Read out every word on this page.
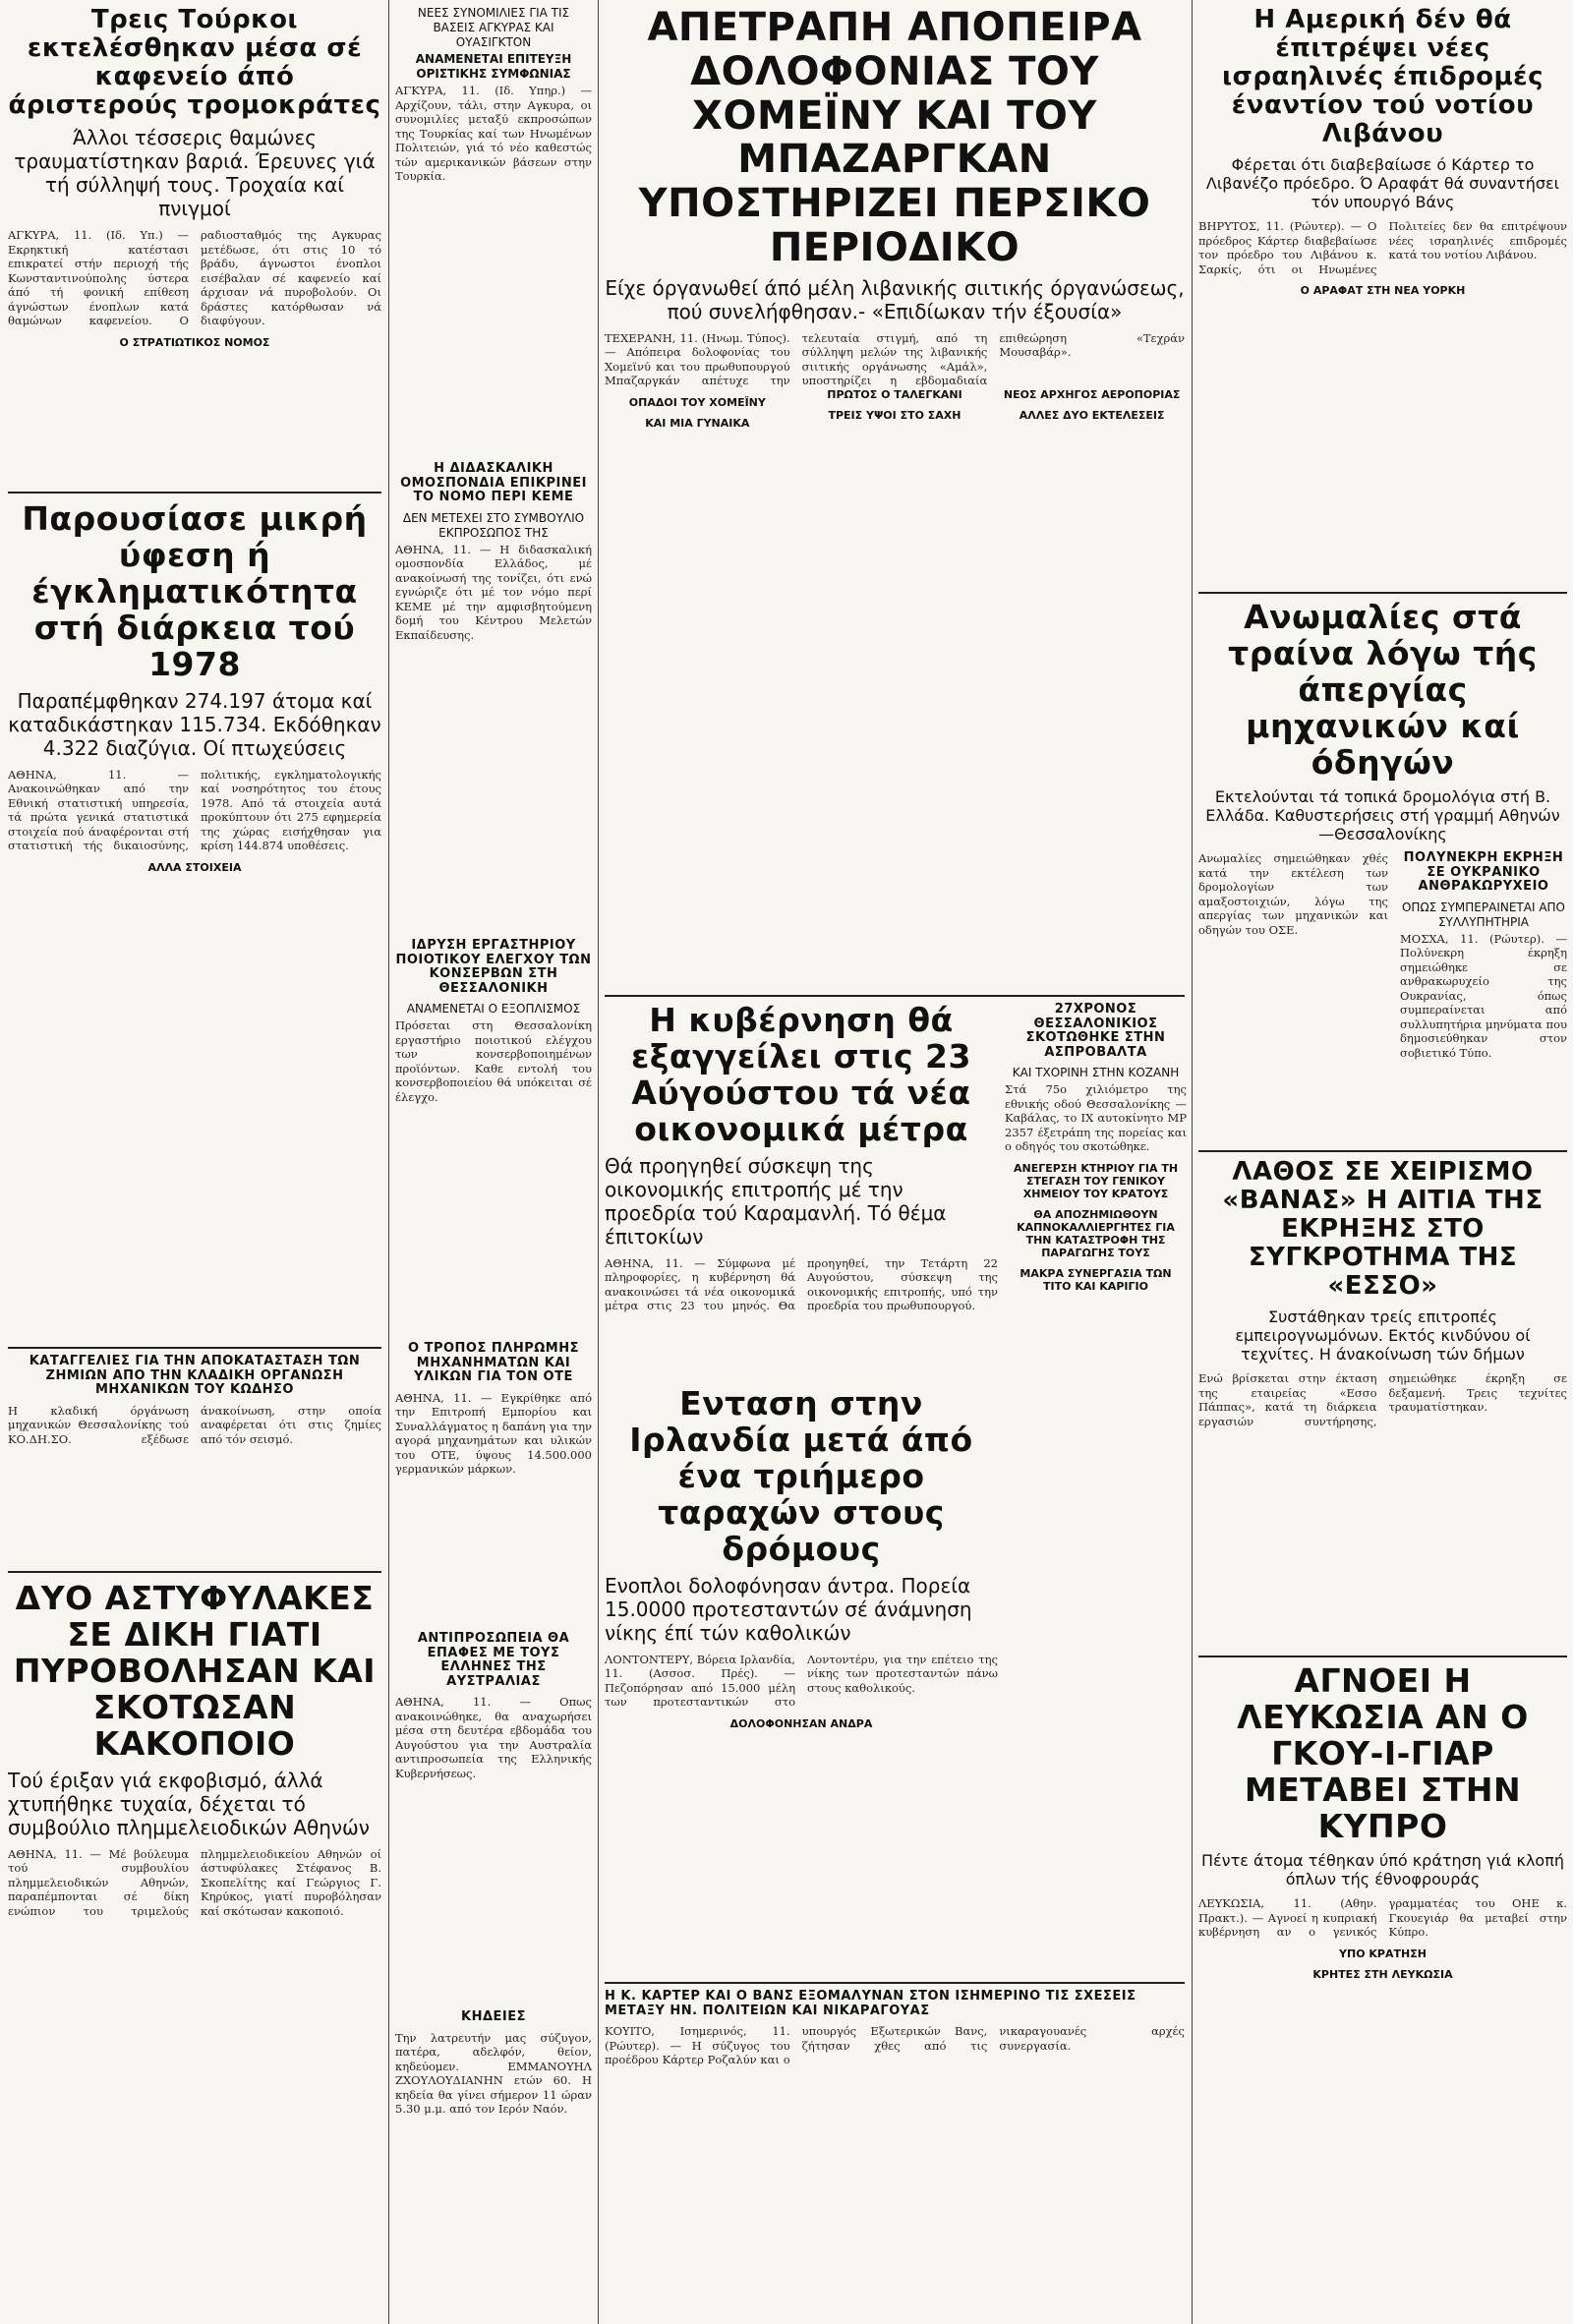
Τρεις Τούρκοι εκτελέσθηκαν μέσα σέ καφενείο άπό άριστερούς τρομοκράτες

Άλλοι τέσσερις θαμώνες τραυματίστηκαν βαριά. Έρευνες γιά τή σύλληψή τους. Τροχαία καί πνιγμοί

ΑΓΚΥΡΑ, 11. (Ιδ. Υπ.) — Εκρηκτική κατέστασι επικρατεί στήν περιοχή τής Κωνσταντινούπολης ύστερα άπό τή φονική επίθεση άγνώστων ένοπλων κατά θαμώνων καφενείου. Ο ραδιοσταθμός της Αγκυρας μετέδωσε, ότι στις 10 τό βράδυ, άγνωστοι ένοπλοι εισέβαλαν σέ καφενείο καί άρχισαν νά πυροβολούν. Οι δράστες κατόρθωσαν νά διαφύγουν.

Ο ΣΤΡΑΤΙΩΤΙΚΟΣ ΝΟΜΟΣ
Παρουσίασε μικρή ύφεση ή έγκληματικότητα στή διάρκεια τού 1978

Παραπέμφθηκαν 274.197 άτομα καί καταδικάστηκαν 115.734. Εκδόθηκαν 4.322 διαζύγια. Οί πτωχεύσεις

ΑΘΗΝΑ, 11. — Ανακοινώθηκαν από την Εθνική στατιστική υπηρεσία, τά πρώτα γενικά στατιστικά στοιχεία πού άναφέρονται στή στατιστική τής δικαιοσύνης, πολιτικής, εγκληματολογικής καί νοσηρότητος του έτους 1978. Από τά στοιχεία αυτά προκύπτουν ότι 275 εφημερεία της χώρας εισήχθησαν για κρίση 144.874 υποθέσεις.

ΑΛΛΑ ΣΤΟΙΧΕΙΑ
ΚΑΤΑΓΓΕΛΙΕΣ ΓΙΑ ΤΗΝ ΑΠΟΚΑΤΑΣΤΑΣΗ ΤΩΝ ΖΗΜΙΩΝ ΑΠΟ ΤΗΝ ΚΛΑΔΙΚΗ ΟΡΓΑΝΩΣΗ ΜΗΧΑΝΙΚΩΝ ΤΟΥ ΚΩΔΗΣΟ

Η κλαδική όργάνωση μηχανικών Θεσσαλονίκης τού ΚΟ.ΔΗ.ΣΟ. εξέδωσε άνακοίνωση, στην οποία αναφέρεται ότι στις ζημίες από τόν σεισμό.

ΔΥΟ ΑΣΤΥΦΥΛΑΚΕΣ ΣΕ ΔΙΚΗ ΓΙΑΤΙ ΠΥΡΟΒΟΛΗΣΑΝ ΚΑΙ ΣΚΟΤΩΣΑΝ ΚΑΚΟΠΟΙΟ

Τού έριξαν γιά εκφοβισμό, άλλά χτυπήθηκε τυχαία, δέχεται τό συμβούλιο πλημμελειοδικών Αθηνών

ΑΘΗΝΑ, 11. — Μέ βούλευμα τού συμβουλίου πλημμελειοδικών Αθηνών, παραπέμπονται σέ δίκη ενώπιον του τριμελούς πλημμελειοδικείου Αθηνών οί άστυφύλακες Στέφανος Β. Σκοπελίτης καί Γεώργιος Γ. Κηρύκος, γιατί πυροβόλησαν καί σκότωσαν κακοποιό.

ΝΕΕΣ ΣΥΝΟΜΙΛΙΕΣ ΓΙΑ ΤΙΣ ΒΑΣΕΙΣ ΑΓΚΥΡΑΣ ΚΑΙ ΟΥΑΣΙΓΚΤΟΝ
ΑΝΑΜΕΝΕΤΑΙ ΕΠΙΤΕΥΞΗ ΟΡΙΣΤΙΚΗΣ ΣΥΜΦΩΝΙΑΣ

ΑΓΚΥΡΑ, 11. (Ιδ. Υπηρ.) — Αρχίζουν, τάλι, στην Αγκυρα, οι συνομιλίες μεταξύ εκπροσώπων της Τουρκίας καί των Ηνωμένων Πολιτειών, γιά τό νέο καθεστώς τών αμερικανικών βάσεων στην Τουρκία.

Η ΔΙΔΑΣΚΑΛΙΚΗ ΟΜΟΣΠΟΝΔΙΑ ΕΠΙΚΡΙΝΕΙ ΤΟ ΝΟΜΟ ΠΕΡΙ ΚΕΜΕ
ΔΕΝ ΜΕΤΕΧΕΙ ΣΤΟ ΣΥΜΒΟΥΛΙΟ ΕΚΠΡΟΣΩΠΟΣ ΤΗΣ

ΑΘΗΝΑ, 11. — Η διδασκαλική ομοσπονδία Ελλάδος, μέ ανακοίνωσή της τονίζει, ότι ενώ εγνώριζε ότι μέ τον νόμο περί ΚΕΜΕ μέ την αμφισβητούμενη δομή του Κέντρου Μελετών Εκπαίδευσης.

ΙΔΡΥΣΗ ΕΡΓΑΣΤΗΡΙΟΥ ΠΟΙΟΤΙΚΟΥ ΕΛΕΓΧΟΥ ΤΩΝ ΚΟΝΣΕΡΒΩΝ ΣΤΗ ΘΕΣΣΑΛΟΝΙΚΗ
ΑΝΑΜΕΝΕΤΑΙ Ο ΕΞΟΠΛΙΣΜΟΣ

Πρόσεται στη Θεσσαλονίκη εργαστήριο ποιοτικού ελέγχου των κονσερβοποιημένων προϊόντων. Καθε εντολή του κονσερβοποιείου θά υπόκειται σέ έλεγχο.

Ο ΤΡΟΠΟΣ ΠΛΗΡΩΜΗΣ ΜΗΧΑΝΗΜΑΤΩΝ ΚΑΙ ΥΛΙΚΩΝ ΓΙΑ ΤΟΝ ΟΤΕ

ΑΘΗΝΑ, 11. — Εγκρίθηκε από την Επιτροπή Εμπορίου και Συναλλάγματος η δαπάνη για την αγορά μηχανημάτων και υλικών του ΟΤΕ, ύψους 14.500.000 γερμανικών μάρκων.

ΑΝΤΙΠΡΟΣΩΠΕΙΑ ΘΑ ΕΠΑΦΕΣ ΜΕ ΤΟΥΣ ΕΛΛΗΝΕΣ ΤΗΣ ΑΥΣΤΡΑΛΙΑΣ

ΑΘΗΝΑ, 11. — Οπως ανακοινώθηκε, θα αναχωρήσει μέσα στη δευτέρα εβδομάδα του Αυγούστου για την Αυστραλία αντιπροσωπεία της Ελληνικής Κυβερνήσεως.

ΚΗΔΕΙΕΣ

Την λατρευτήν μας σύζυγον, πατέρα, αδελφόν, θείον, κηδεύομεν. ΕΜΜΑΝΟΥΗΛ ΖΧΟΥΛΟΥΔΙΑΝΗΝ ετών 60. Η κηδεία θα γίνει σήμερον 11 ώραν 5.30 μ.μ. από τον Ιερόν Ναόν.

ΑΠΕΤΡΑΠΗ ΑΠΟΠΕΙΡΑ ΔΟΛΟΦΟΝΙΑΣ ΤΟΥ ΧΟΜΕΪΝΥ ΚΑΙ ΤΟΥ ΜΠΑΖΑΡΓΚΑΝ ΥΠΟΣΤΗΡΙΖΕΙ ΠΕΡΣΙΚΟ ΠΕΡΙΟΔΙΚΟ

Είχε όργανωθεί άπό μέλη λιβανικής σιιτικής όργανώσεως, πού συνελήφθησαν.- «Επιδίωκαν τήν έξουσία»

ΤΕΧΕΡΑΝΗ, 11. (Ηνωμ. Τύπος). — Απόπειρα δολοφονίας του Χομεϊνύ και του πρωθυπουργού Μπαζαργκάν απέτυχε την τελευταία στιγμή, από τη σύλληψη μελών της λιβανικής σιιτικής οργάνωσης «Αμάλ», υποστηρίζει η εβδομαδιαία επιθεώρηση «Τεχράν Μουσαβάρ».

ΟΠΑΔΟΙ ΤΟΥ ΧΟΜΕΪΝΥ
ΚΑΙ ΜΙΑ ΓΥΝΑΙΚΑ
ΠΡΩΤΟΣ Ο ΤΑΛΕΓΚΑΝΙ
ΤΡΕΙΣ ΥΨΟΙ ΣΤΟ ΣΑΧΗ
ΝΕΟΣ ΑΡΧΗΓΟΣ ΑΕΡΟΠΟΡΙΑΣ
ΑΛΛΕΣ ΔΥΟ ΕΚΤΕΛΕΣΕΙΣ
Η κυβέρνηση θά εξαγγείλει στις 23 Αύγούστου τά νέα οικονομικά μέτρα

Θά προηγηθεί σύσκεψη της οικονομικής επιτροπής μέ την προεδρία τού Καραμανλή. Τό θέμα έπιτοκίων

ΑΘΗΝΑ, 11. — Σύμφωνα μέ πληροφορίες, η κυβέρνηση θά ανακοινώσει τά νέα οικονομικά μέτρα στις 23 του μηνός. Θα προηγηθεί, την Τετάρτη 22 Αυγούστου, σύσκεψη της οικονομικής επιτροπής, υπό την προεδρία του πρωθυπουργού.

Ενταση στην Ιρλανδία μετά άπό ένα τριήμερο ταραχών στους δρόμους

Ενοπλοι δολοφόνησαν άντρα. Πορεία 15.0000 προτεσταντών σέ άνάμνηση νίκης έπί τών καθολικών

ΛΟΝΤΟΝΤΕΡΥ, Βόρεια Ιρλανδία, 11. (Ασσοσ. Πρές). — Πεζοπόρησαν από 15.000 μέλη των προτεσταντικών στο Λοντοντέρυ, για την επέτειο της νίκης των προτεσταντών πάνω στους καθολικούς.

ΔΟΛΟΦΟΝΗΣΑΝ ΑΝΔΡΑ
27ΧΡΟΝΟΣ ΘΕΣΣΑΛΟΝΙΚΙΟΣ ΣΚΟΤΩΘΗΚΕ ΣΤΗΝ ΑΣΠΡΟΒΑΛΤΑ
ΚΑΙ ΤΧΟΡΙΝΗ ΣΤΗΝ ΚΟΖΑΝΗ

Στά 75ο χιλιόμετρο της εθνικής οδού Θεσσαλονίκης — Καβάλας, το ΙΧ αυτοκίνητο ΜΡ 2357 έξετράπη της πορείας και ο οδηγός του σκοτώθηκε.

ΑΝΕΓΕΡΣΗ ΚΤΗΡΙΟΥ ΓΙΑ ΤΗ ΣΤΕΓΑΣΗ ΤΟΥ ΓΕΝΙΚΟΥ ΧΗΜΕΙΟΥ ΤΟΥ ΚΡΑΤΟΥΣ
ΘΑ ΑΠΟΖΗΜΙΩΘΟΥΝ ΚΑΠΝΟΚΑΛΛΙΕΡΓΗΤΕΣ ΓΙΑ ΤΗΝ ΚΑΤΑΣΤΡΟΦΗ ΤΗΣ ΠΑΡΑΓΩΓΗΣ ΤΟΥΣ
ΜΑΚΡΑ ΣΥΝΕΡΓΑΣΙΑ ΤΩΝ ΤΙΤΟ ΚΑΙ ΚΑΡΙΓΙΟ
Η Κ. ΚΑΡΤΕΡ ΚΑΙ Ο ΒΑΝΣ ΕΞΟΜΑΛΥΝΑΝ ΣΤΟΝ ΙΣΗΜΕΡΙΝΟ ΤΙΣ ΣΧΕΣΕΙΣ ΜΕΤΑΞΥ ΗΝ. ΠΟΛΙΤΕΙΩΝ ΚΑΙ ΝΙΚΑΡΑΓΟΥΑΣ

ΚΟΥΙΤΟ, Ισημερινός, 11. (Ρώυτερ). — Η σύζυγος του προέδρου Κάρτερ Ροζαλύν και ο υπουργός Εξωτερικών Βανς, ζήτησαν χθες από τις νικαραγουανές αρχές συνεργασία.

Η Αμερική δέν θά έπιτρέψει νέες ισραηλινές έπιδρομές έναντίον τού νοτίου Λιβάνου

Φέρεται ότι διαβεβαίωσε ό Κάρτερ το Λιβανέζο πρόεδρο. Ό Αραφάτ θά συναντήσει τόν υπουργό Βάνς

ΒΗΡΥΤΟΣ, 11. (Ρώυτερ). — Ο πρόεδρος Κάρτερ διαβεβαίωσε τον πρόεδρο του Λιβάνου κ. Σαρκίς, ότι οι Ηνωμένες Πολιτείες δεν θα επιτρέψουν νέες ισραηλινές επιδρομές κατά του νοτίου Λιβάνου.

Ο ΑΡΑΦΑΤ ΣΤΗ ΝΕΑ ΥΟΡΚΗ
Ανωμαλίες στά τραίνα λόγω τής άπεργίας μηχανικών καί όδηγών

Εκτελούνται τά τοπικά δρομολόγια στή Β. Ελλάδα. Καθυστερήσεις στή γραμμή Αθηνών—Θεσσαλονίκης

Ανωμαλίες σημειώθηκαν χθές κατά την εκτέλεση των δρομολογίων των αμαξοστοιχιών, λόγω της απεργίας των μηχανικών και οδηγών του ΟΣΕ.

ΠΟΛΥΝΕΚΡΗ ΕΚΡΗΞΗ ΣΕ ΟΥΚΡΑΝΙΚΟ ΑΝΘΡΑΚΩΡΥΧΕΙΟ
ΟΠΩΣ ΣΥΜΠΕΡΑΙΝΕΤΑΙ ΑΠΟ ΣΥΛΛΥΠΗΤΗΡΙΑ

ΜΟΣΧΑ, 11. (Ρώυτερ). — Πολύνεκρη έκρηξη σημειώθηκε σε ανθρακωρυχείο της Ουκρανίας, όπως συμπεραίνεται από συλλυπητήρια μηνύματα που δημοσιεύθηκαν στον σοβιετικό Τύπο.

ΛΑΘΟΣ ΣΕ ΧΕΙΡΙΣΜΟ «ΒΑΝΑΣ» Η ΑΙΤΙΑ ΤΗΣ ΕΚΡΗΞΗΣ ΣΤΟ ΣΥΓΚΡΟΤΗΜΑ ΤΗΣ «ΕΣΣΟ»

Συστάθηκαν τρείς επιτροπές εμπειρογνωμόνων. Εκτός κινδύνου οί τεχνίτες. Η άνακοίνωση τών δήμων

Ενώ βρίσκεται στην έκταση της εταιρείας «Εσσο Πάππας», κατά τη διάρκεια εργασιών συντήρησης, σημειώθηκε έκρηξη σε δεξαμενή. Τρεις τεχνίτες τραυματίστηκαν.

ΑΓΝΟΕΙ Η ΛΕΥΚΩΣΙΑ ΑΝ Ο ΓΚΟΥ-Ι-ΓΙΑΡ ΜΕΤΑΒΕΙ ΣΤΗΝ ΚΥΠΡΟ

Πέντε άτομα τέθηκαν ύπό κράτηση γιά κλοπή όπλων τής έθνοφρουράς

ΛΕΥΚΩΣΙΑ, 11. (Αθην. Πρακτ.). — Αγνοεί η κυπριακή κυβέρνηση αν ο γενικός γραμματέας του ΟΗΕ κ. Γκουεγιάρ θα μεταβεί στην Κύπρο.

ΥΠΟ ΚΡΑΤΗΣΗ
ΚΡΗΤΕΣ ΣΤΗ ΛΕΥΚΩΣΙΑ
